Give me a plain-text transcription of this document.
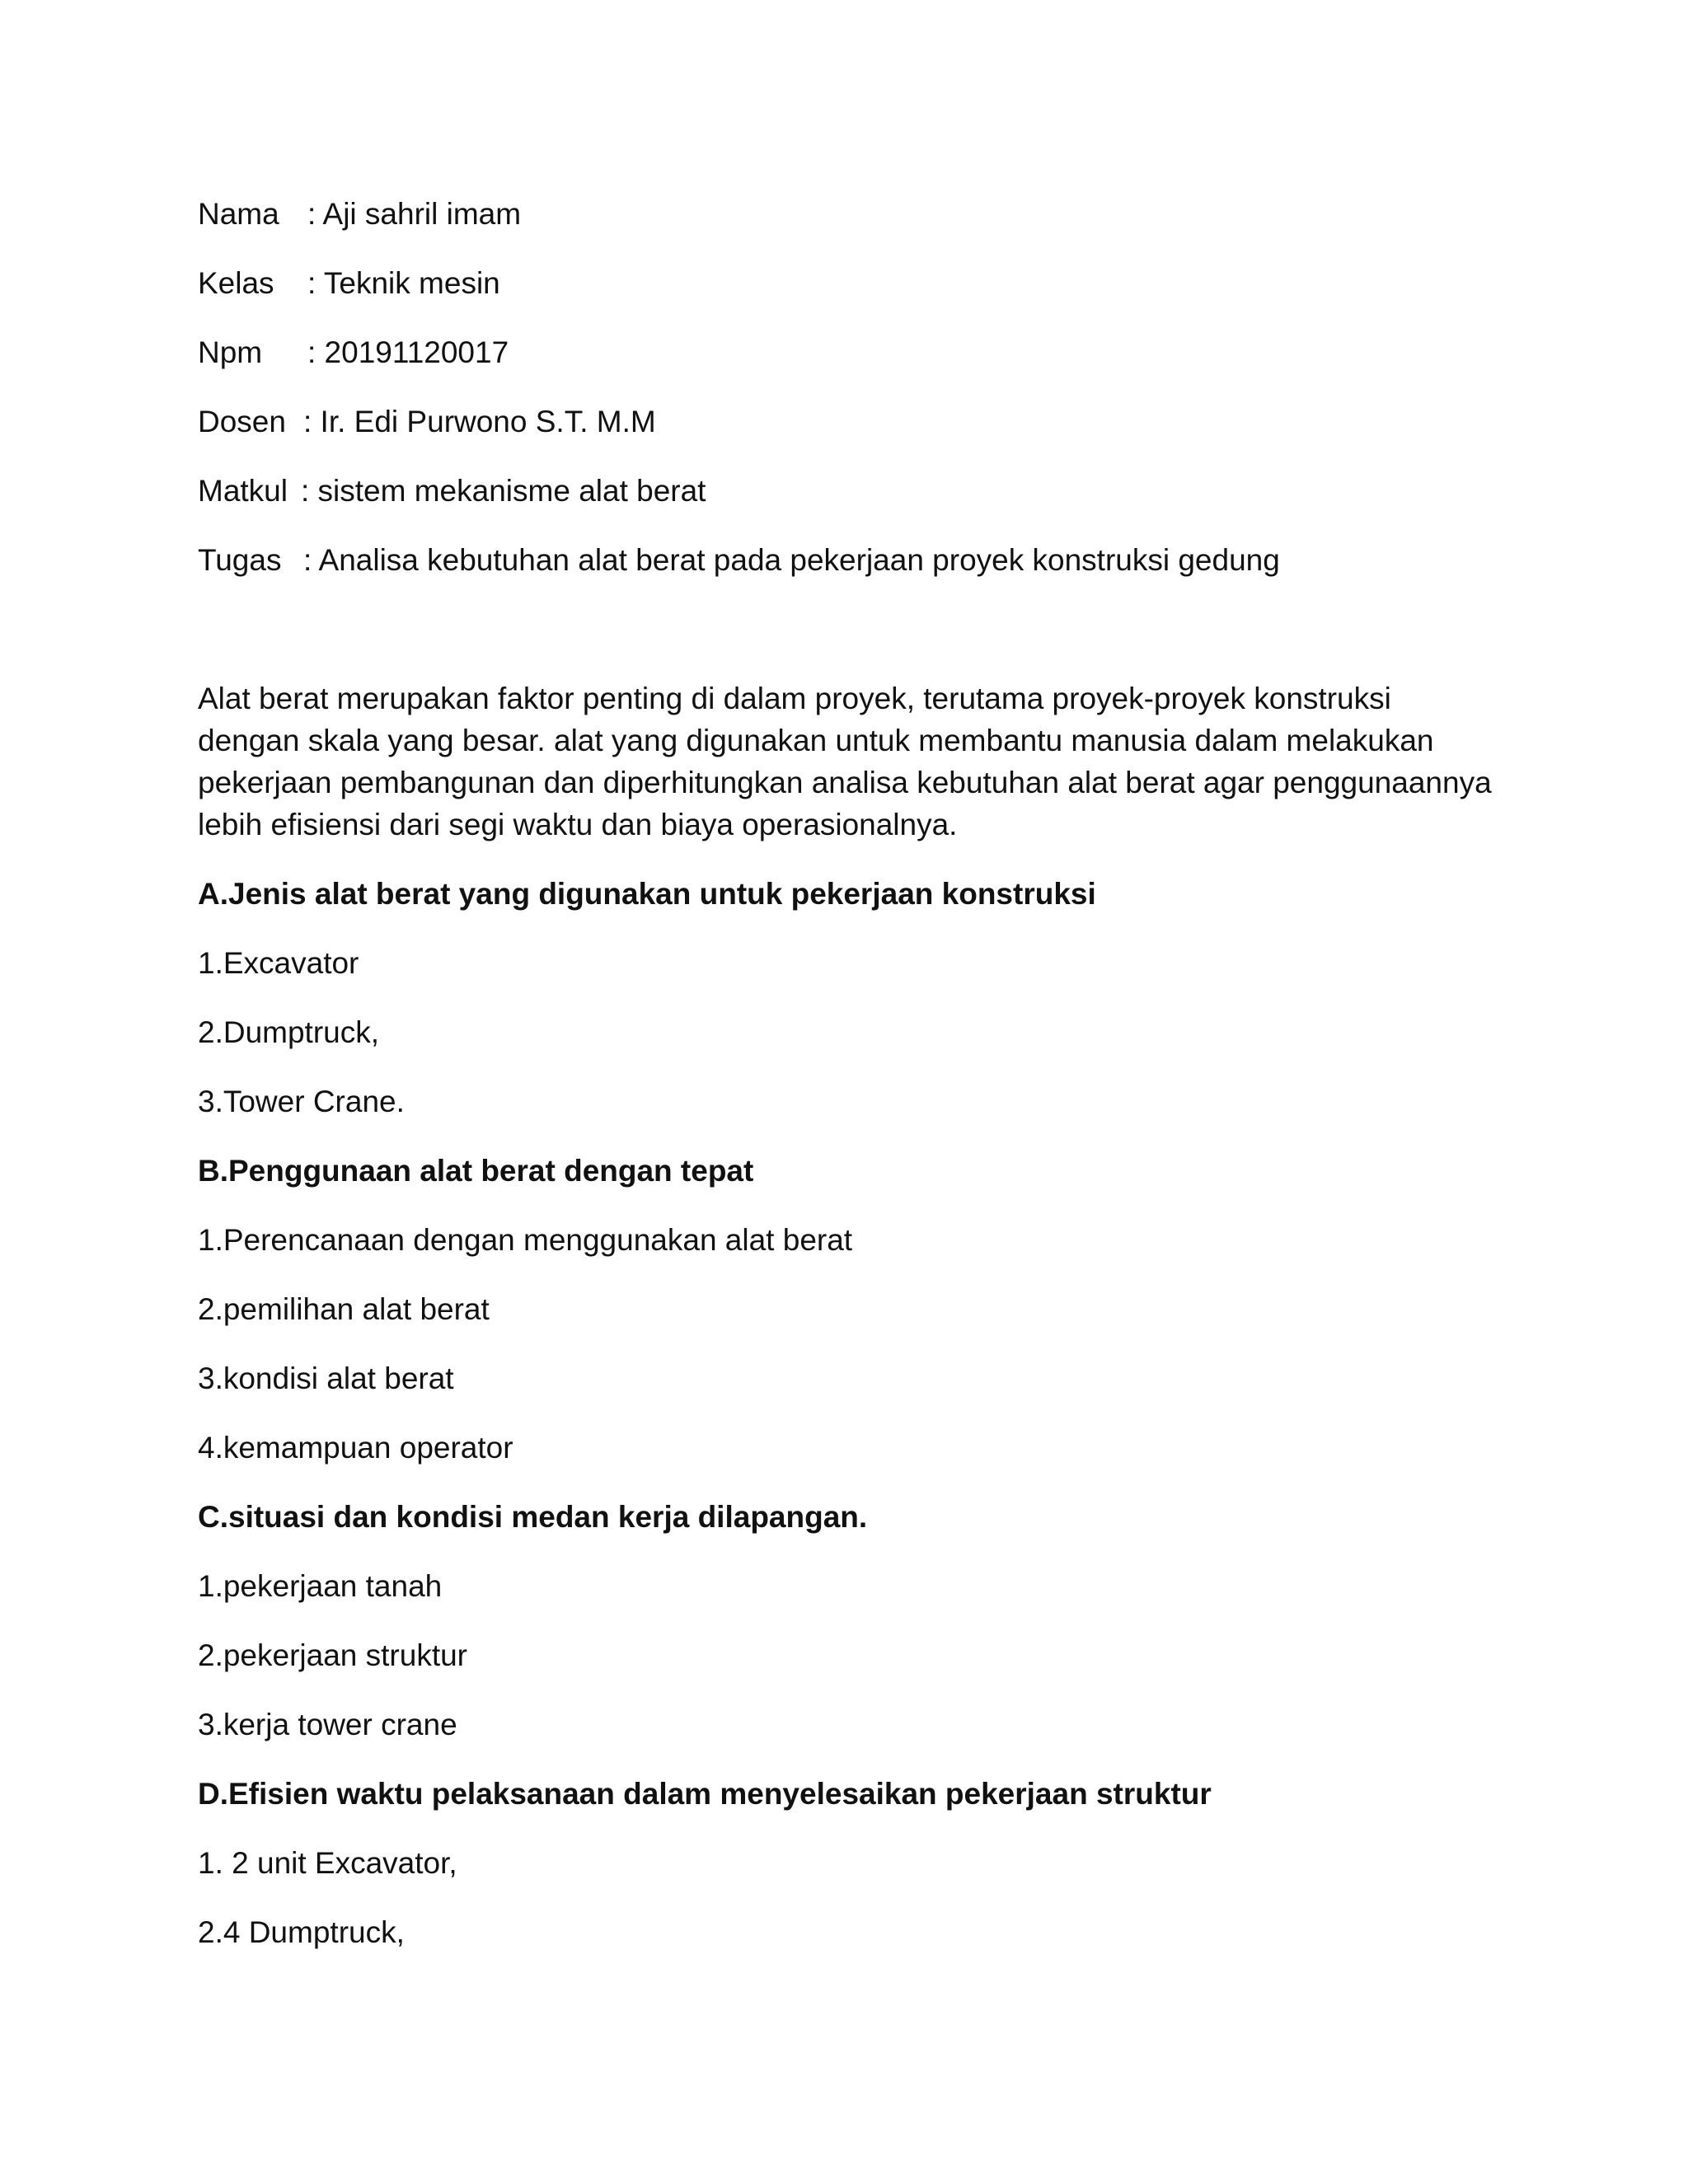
Nama : Aji sahril imam
Kelas : Teknik mesin
Npm : 20191120017
Dosen : Ir. Edi Purwono S.T. M.M
Matkul : sistem mekanisme alat berat
Tugas : Analisa kebutuhan alat berat pada pekerjaan proyek konstruksi gedung
Alat berat merupakan faktor penting di dalam proyek, terutama proyek-proyek konstruksi
dengan skala yang besar. alat yang digunakan untuk membantu manusia dalam melakukan
pekerjaan pembangunan dan diperhitungkan analisa kebutuhan alat berat agar penggunaannya
lebih efisiensi dari segi waktu dan biaya operasionalnya.
A.Jenis alat berat yang digunakan untuk pekerjaan konstruksi
1.Excavator
2.Dumptruck,
3.Tower Crane.
B.Penggunaan alat berat dengan tepat
1.Perencanaan dengan menggunakan alat berat
2.pemilihan alat berat
3.kondisi alat berat
4.kemampuan operator
C.situasi dan kondisi medan kerja dilapangan.
1.pekerjaan tanah
2.pekerjaan struktur
3.kerja tower crane
D.Efisien waktu pelaksanaan dalam menyelesaikan pekerjaan struktur
1. 2 unit Excavator,
2.4 Dumptruck,
